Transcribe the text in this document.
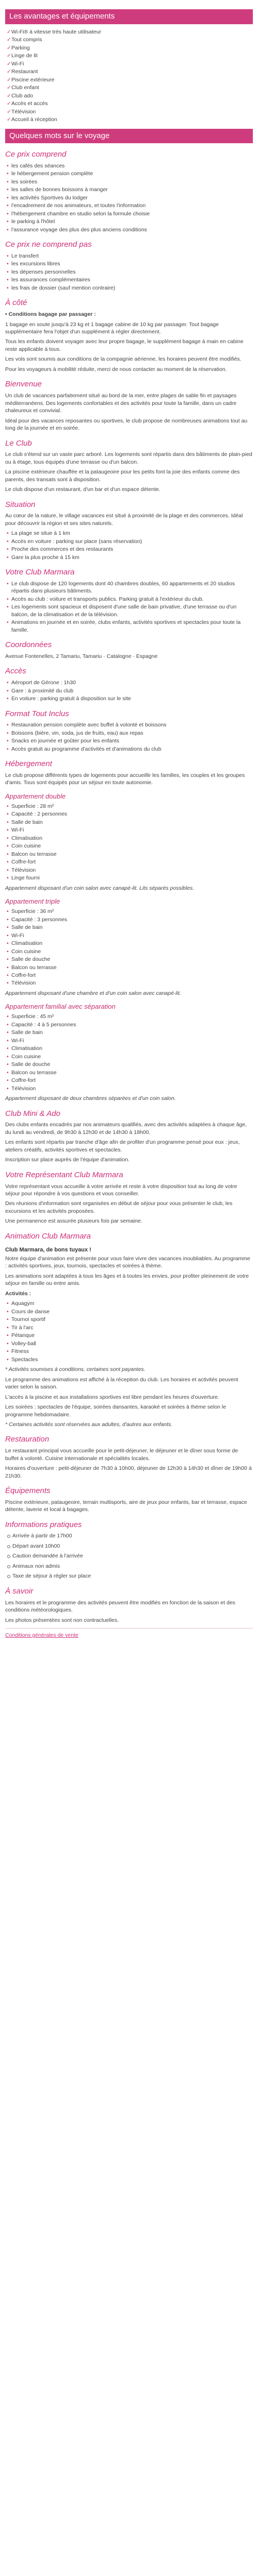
Les avantages et équipements
✓ Wi-Fi® à vitesse très haute utilisateur
✓ Tout compris
✓ Parking
✓ Linge de lit
✓ Wi-Fi
✓ Restaurant
✓ Piscine extérieure
✓ Club enfant
✓ Club ado
✓ Accès et accès
✓ Télévision
✓ Accueil à réception
Quelques mots sur le voyage
Ce prix comprend
• les cafés des séances
• le hébergement pension complète
• les soirées
• les salles de bonnes boissons à manger
• les activités Sportives du lodger
• l'encadrement de nos animateurs, et toutes l'information
• l'hébergement chambre en studio selon la formule choisie
• le parking à l'hôtel
• l'assurance voyage des plus des plus anciens conditions
Ce prix ne comprend pas
• Le transfert
• les excursions libres
• les dépenses personnelles
• les assurances complémentaires
• les frais de dossier (sauf mention contraire)
À côté

• Conditions bagage par passager :

1 bagage en soute jusqu'à 23 kg et 1 bagage cabine de 10 kg par passager. Tout bagage supplémentaire fera l'objet d'un supplément à régler directement.

Tous les enfants doivent voyager avec leur propre bagage, le supplément bagage à main en cabine reste applicable à tous.

Les vols sont soumis aux conditions de la compagnie aérienne, les horaires peuvent être modifiés.

Pour les voyageurs à mobilité réduite, merci de nous contacter au moment de la réservation.

Bienvenue

Un club de vacances parfaitement situé au bord de la mer, entre plages de sable fin et paysages méditerranéens. Des logements confortables et des activités pour toute la famille, dans un cadre chaleureux et convivial.

Idéal pour des vacances reposantes ou sportives, le club propose de nombreuses animations tout au long de la journée et en soirée.

Le Club

Le club s'étend sur un vaste parc arboré. Les logements sont répartis dans des bâtiments de plain-pied ou à étage, tous équipés d'une terrasse ou d'un balcon.

La piscine extérieure chauffée et la pataugeoire pour les petits font la joie des enfants comme des parents, des transats sont à disposition.

Le club dispose d'un restaurant, d'un bar et d'un espace détente.

Situation

Au cœur de la nature, le village vacances est situé à proximité de la plage et des commerces. Idéal pour découvrir la région et ses sites naturels.

• La plage se situe à 1 km
• Accès en voiture : parking sur place (sans réservation)
• Proche des commerces et des restaurants
• Gare la plus proche à 15 km
Votre Club Marmara
• Le club dispose de 120 logements dont 40 chambres doubles, 60 appartements et 20 studios répartis dans plusieurs bâtiments.
• Accès au club : voiture et transports publics. Parking gratuit à l'extérieur du club.
• Les logements sont spacieux et disposent d'une salle de bain privative, d'une terrasse ou d'un balcon, de la climatisation et de la télévision.
• Animations en journée et en soirée, clubs enfants, activités sportives et spectacles pour toute la famille.
Coordonnées

Avenue Fontenelles, 2 Tamariu, Tamariu · Catalogne · Espagne

Accès
• Aéroport de Gérone : 1h30
• Gare : à proximité du club
• En voiture : parking gratuit à disposition sur le site
Format Tout Inclus
• Restauration pension complète avec buffet à volonté et boissons
• Boissons (bière, vin, soda, jus de fruits, eau) aux repas
• Snacks en journée et goûter pour les enfants
• Accès gratuit au programme d'activités et d'animations du club
Hébergement

Le club propose différents types de logements pour accueillir les familles, les couples et les groupes d'amis. Tous sont équipés pour un séjour en toute autonomie.

Appartement double
• Superficie : 28 m²
• Capacité : 2 personnes
• Salle de bain
• Wi-Fi
• Climatisation
• Coin cuisine
• Balcon ou terrasse
• Coffre-fort
• Télévision
• Linge fourni

Appartement disposant d'un coin salon avec canapé-lit. Lits séparés possibles.

Appartement triple
• Superficie : 36 m²
• Capacité : 3 personnes
• Salle de bain
• Wi-Fi
• Climatisation
• Coin cuisine
• Salle de douche
• Balcon ou terrasse
• Coffre-fort
• Télévision

Appartement disposant d'une chambre et d'un coin salon avec canapé-lit.

Appartement familial avec séparation
• Superficie : 45 m²
• Capacité : 4 à 5 personnes
• Salle de bain
• Wi-Fi
• Climatisation
• Coin cuisine
• Salle de douche
• Balcon ou terrasse
• Coffre-fort
• Télévision

Appartement disposant de deux chambres séparées et d'un coin salon.

Club Mini & Ado

Des clubs enfants encadrés par nos animateurs qualifiés, avec des activités adaptées à chaque âge, du lundi au vendredi, de 9h30 à 12h30 et de 14h30 à 18h00.

Les enfants sont répartis par tranche d'âge afin de profiter d'un programme pensé pour eux : jeux, ateliers créatifs, activités sportives et spectacles.

Inscription sur place auprès de l'équipe d'animation.

Votre Représentant Club Marmara

Votre représentant vous accueille à votre arrivée et reste à votre disposition tout au long de votre séjour pour répondre à vos questions et vous conseiller.

Des réunions d'information sont organisées en début de séjour pour vous présenter le club, les excursions et les activités proposées.

Une permanence est assurée plusieurs fois par semaine.

Animation Club Marmara
Club Marmara, de bons tuyaux !

Notre équipe d'animation est présente pour vous faire vivre des vacances inoubliables. Au programme : activités sportives, jeux, tournois, spectacles et soirées à thème.

Les animations sont adaptées à tous les âges et à toutes les envies, pour profiter pleinement de votre séjour en famille ou entre amis.

Activités :

• Aquagym
• Cours de danse
• Tournoi sportif
• Tir à l'arc
• Pétanque
• Volley-ball
• Fitness
• Spectacles

* Activités soumises à conditions, certaines sont payantes.

Le programme des animations est affiché à la réception du club. Les horaires et activités peuvent varier selon la saison.

L'accès à la piscine et aux installations sportives est libre pendant les heures d'ouverture.

Les soirées : spectacles de l'équipe, soirées dansantes, karaoké et soirées à thème selon le programme hebdomadaire.

* Certaines activités sont réservées aux adultes, d'autres aux enfants.

Restauration

Le restaurant principal vous accueille pour le petit-déjeuner, le déjeuner et le dîner sous forme de buffet à volonté. Cuisine internationale et spécialités locales.

Horaires d'ouverture : petit-déjeuner de 7h30 à 10h00, déjeuner de 12h30 à 14h30 et dîner de 19h00 à 21h30.

Équipements

Piscine extérieure, pataugeoire, terrain multisports, aire de jeux pour enfants, bar et terrasse, espace détente, laverie et local à bagages.

Informations pratiques
Arrivée à partir de 17h00
Départ avant 10h00
Caution demandée à l'arrivée
Animaux non admis
Taxe de séjour à régler sur place
À savoir

Les horaires et le programme des activités peuvent être modifiés en fonction de la saison et des conditions météorologiques.

Les photos présentées sont non contractuelles.

Conditions générales de vente
